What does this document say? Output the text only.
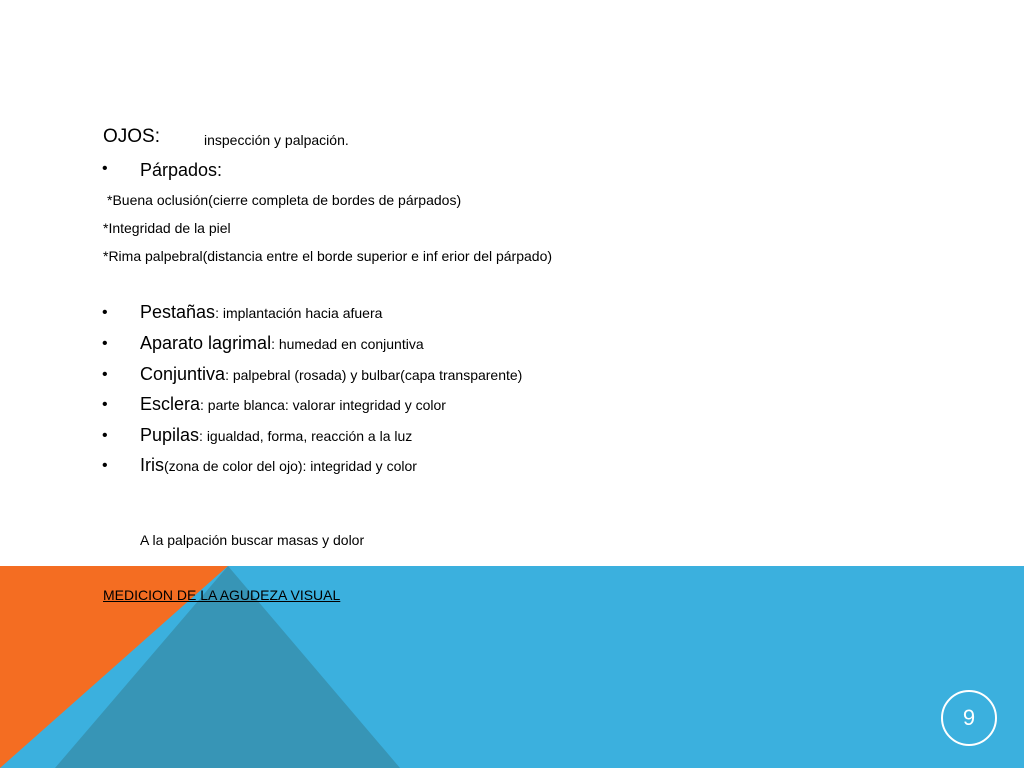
OJOS:	inspección y palpación.
• Párpados:
*Buena oclusión(cierre completa de bordes de párpados)
*Integridad de la piel
*Rima palpebral(distancia entre el borde superior e inf erior del párpado)
• Pestañas: implantación hacia afuera
• Aparato lagrimal: humedad en conjuntiva
• Conjuntiva: palpebral (rosada) y bulbar(capa transparente)
• Esclera: parte blanca: valorar integridad y color
• Pupilas: igualdad, forma, reacción a la luz
• Iris(zona de color del ojo): integridad y color
A la palpación buscar masas y dolor
MEDICION DE LA AGUDEZA VISUAL
9
